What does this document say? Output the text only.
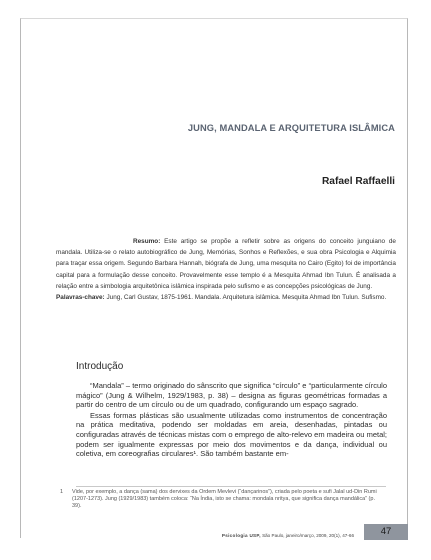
JUNG, MANDALA E ARQUITETURA ISLÂMICA
Rafael Raffaelli

Resumo: Este artigo se propõe a refletir sobre as origens do conceito junguiano de mandala. Utiliza-se o relato autobiográfico de Jung, Memórias, Sonhos e Reflexões, e sua obra Psicologia e Alquimia para traçar essa origem. Segundo Barbara Hannah, biógrafa de Jung, uma mesquita no Cairo (Egito) foi de importância capital para a formulação desse conceito. Provavelmente esse templo é a Mesquita Ahmad Ibn Tulun. É analisada a relação entre a simbologia arquitetônica islâmica inspirada pelo sufismo e as concepções psicológicas de Jung.

Palavras-chave: Jung, Carl Gustav, 1875-1961. Mandala. Arquitetura islâmica. Mesquita Ahmad Ibn Tulun. Sufismo.

Introdução

“Mandala” – termo originado do sânscrito que significa “círculo” e “particularmente círculo mágico” (Jung & Wilhelm, 1929/1983, p. 38) – designa as figuras geométricas formadas a partir do centro de um círculo ou de um quadrado, configurando um espaço sagrado.

Essas formas plásticas são usualmente utilizadas como instrumentos de concentração na prática meditativa, podendo ser moldadas em areia, desenhadas, pintadas ou configuradas através de técnicas mistas com o emprego de alto-relevo em madeira ou metal; podem ser igualmente expressas por meio dos movimentos e da dança, individual ou coletiva, em coreografias circulares¹. São também bastante em-

1 Vide, por exemplo, a dança (sama) dos dervixes da Ordem Mevlevi (“dançarinos”), criada pelo poeta e sufi Jalal ud-Din Rumi (1207-1273). Jung (1929/1983) também coloca: “Na Índia, isto se chama: mondala nritya, que significa dança mandálica” (p. 39).
Psicologia USP, São Paulo, janeiro/março, 2009, 20(1), 47-66	47
